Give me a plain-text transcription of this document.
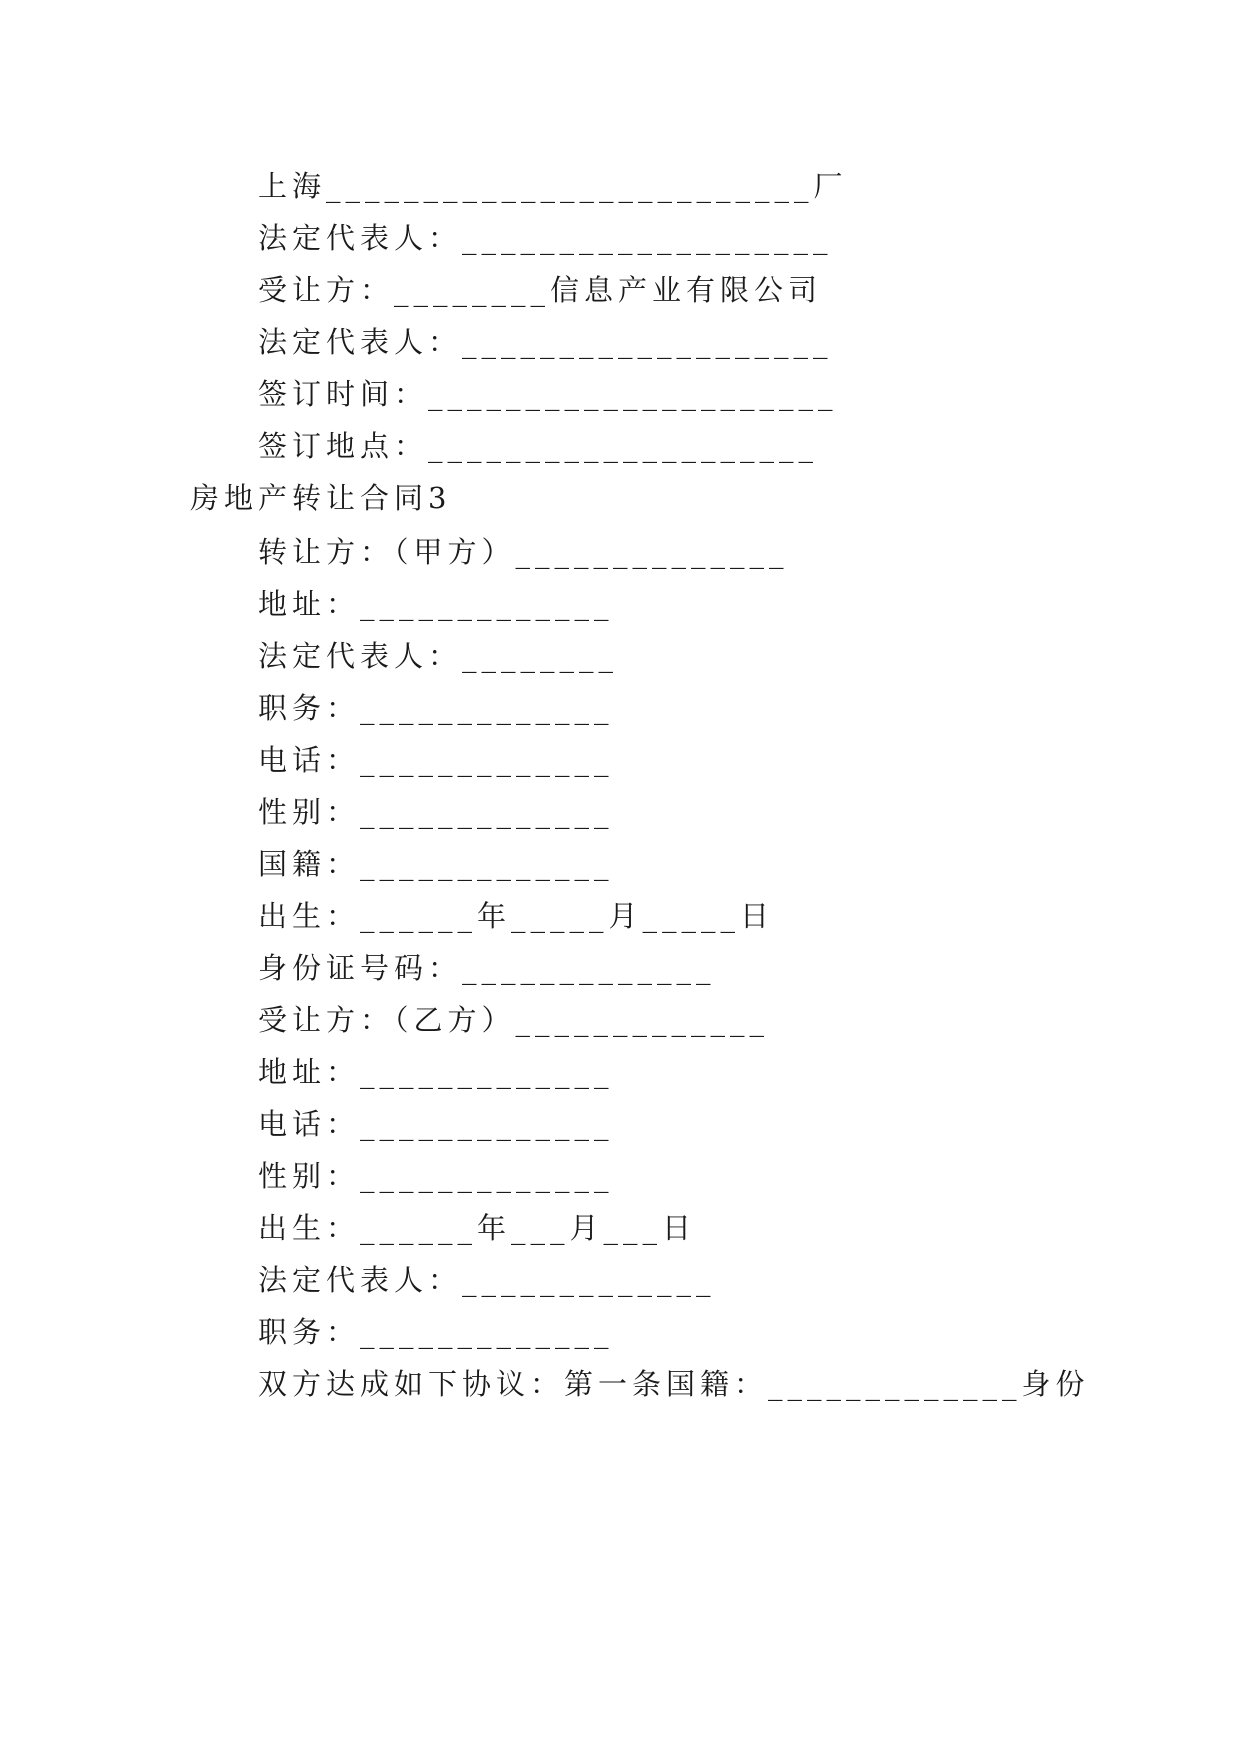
上海_________________________厂
法定代表人：___________________
受让方：________信息产业有限公司
法定代表人：___________________
签订时间：_____________________
签订地点：____________________
房地产转让合同3
转让方：（甲方）______________
地址：_____________
法定代表人：________
职务：_____________
电话：_____________
性别：_____________
国籍：_____________
出生：______年_____月_____日
身份证号码：_____________
受让方：（乙方）_____________
地址：_____________
电话：_____________
性别：_____________
出生：______年___月___日
法定代表人：_____________
职务：_____________
双方达成如下协议：第一条国籍：_____________身份
